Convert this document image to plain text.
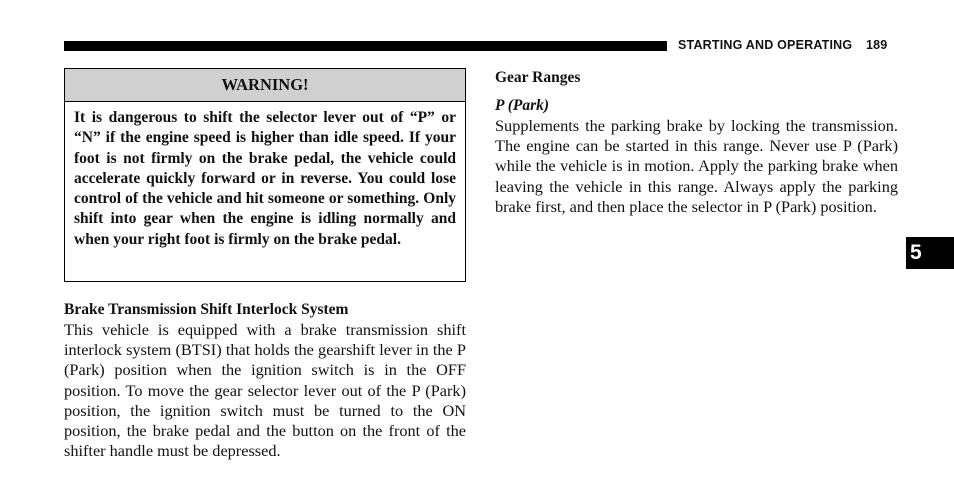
STARTING AND OPERATING 189
WARNING!
It is dangerous to shift the selector lever out of “P” or “N” if the engine speed is higher than idle speed. If your foot is not firmly on the brake pedal, the vehicle could accelerate quickly forward or in reverse. You could lose control of the vehicle and hit someone or something. Only shift into gear when the engine is idling normally and when your right foot is firmly on the brake pedal.
Brake Transmission Shift Interlock System

This vehicle is equipped with a brake transmission shift interlock system (BTSI) that holds the gearshift lever in the P (Park) position when the ignition switch is in the OFF position. To move the gear selector lever out of the P (Park) position, the ignition switch must be turned to the ON position, the brake pedal and the button on the front of the shifter handle must be depressed.

Gear Ranges
P (Park)

Supplements the parking brake by locking the transmission. The engine can be started in this range. Never use P (Park) while the vehicle is in motion. Apply the parking brake when leaving the vehicle in this range. Always apply the parking brake first, and then place the selector in P (Park) position.

5
